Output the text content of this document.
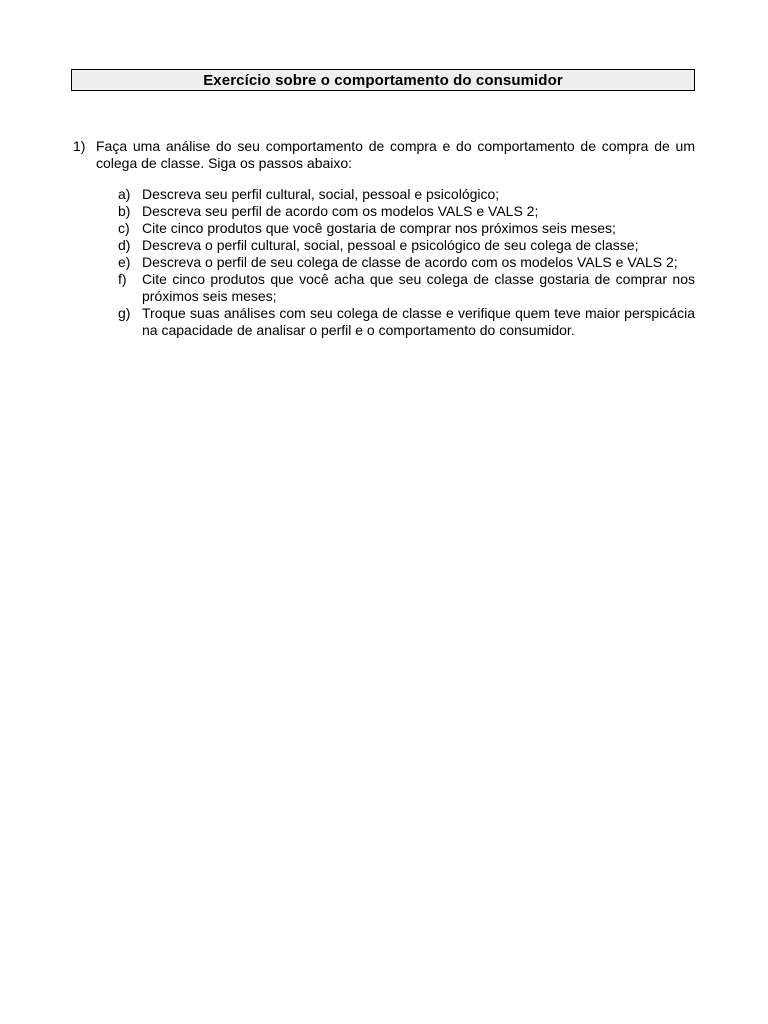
Exercício sobre o comportamento do consumidor
1) Faça uma análise do seu comportamento de compra e do comportamento de compra de um colega de classe. Siga os passos abaixo:
a) Descreva seu perfil cultural, social, pessoal e psicológico;
b) Descreva seu perfil de acordo com os modelos VALS e VALS 2;
c) Cite cinco produtos que você gostaria de comprar nos próximos seis meses;
d) Descreva o perfil cultural, social, pessoal e psicológico de seu colega de classe;
e) Descreva o perfil de seu colega de classe de acordo com os modelos VALS e VALS 2;
f)	Cite cinco produtos que você acha que seu colega de classe gostaria de comprar nos próximos seis meses;
g) Troque suas análises com seu colega de classe e verifique quem teve maior perspicácia na capacidade de analisar o perfil e o comportamento do consumidor.
